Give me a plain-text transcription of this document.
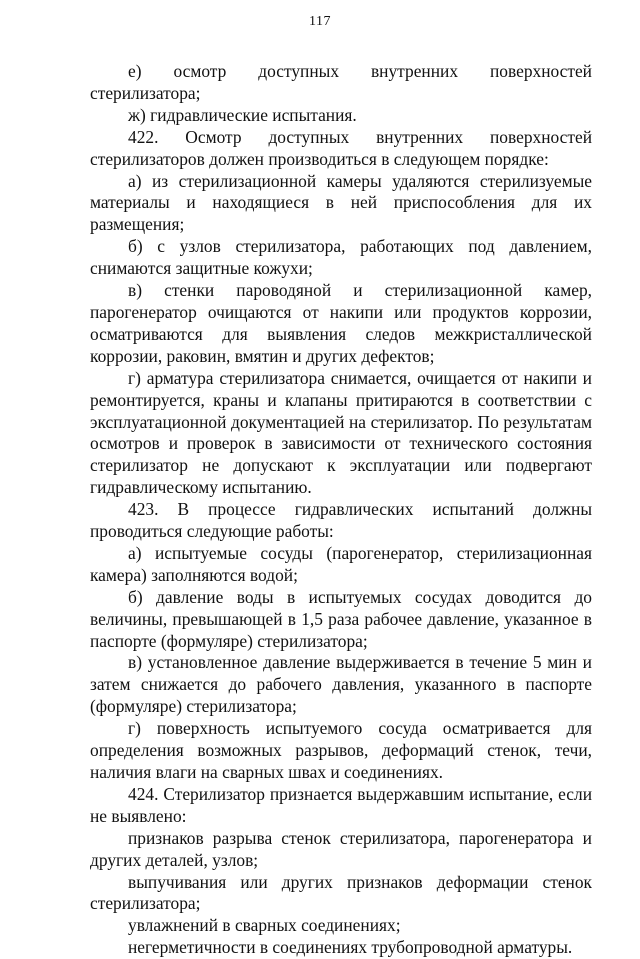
117

е) осмотр доступных внутренних поверхностей стерилизатора;

ж) гидравлические испытания.

422. Осмотр доступных внутренних поверхностей стерилизаторов должен производиться в следующем порядке:

а) из стерилизационной камеры удаляются стерилизуемые материалы и находящиеся в ней приспособления для их размещения;

б) с узлов стерилизатора, работающих под давлением, снимаются защитные кожухи;

в) стенки пароводяной и стерилизационной камер, парогенератор очищаются от накипи или продуктов коррозии, осматриваются для выявления следов межкристаллической коррозии, раковин, вмятин и других дефектов;

г) арматура стерилизатора снимается, очищается от накипи и ремонтируется, краны и клапаны притираются в соответствии с эксплуатационной документацией на стерилизатор. По результатам осмотров и проверок в зависимости от технического состояния стерилизатор не допускают к эксплуатации или подвергают гидравлическому испытанию.

423. В процессе гидравлических испытаний должны проводиться следующие работы:

а) испытуемые сосуды (парогенератор, стерилизационная камера) заполняются водой;

б) давление воды в испытуемых сосудах доводится до величины, превышающей в 1,5 раза рабочее давление, указанное в паспорте (формуляре) стерилизатора;

в) установленное давление выдерживается в течение 5 мин и затем снижается до рабочего давления, указанного в паспорте (формуляре) стерилизатора;

г) поверхность испытуемого сосуда осматривается для определения возможных разрывов, деформаций стенок, течи, наличия влаги на сварных швах и соединениях.

424. Стерилизатор признается выдержавшим испытание, если не выявлено:

признаков разрыва стенок стерилизатора, парогенератора и других деталей, узлов;

выпучивания или других признаков деформации стенок стерилизатора;

увлажнений в сварных соединениях;

негерметичности в соединениях трубопроводной арматуры.
